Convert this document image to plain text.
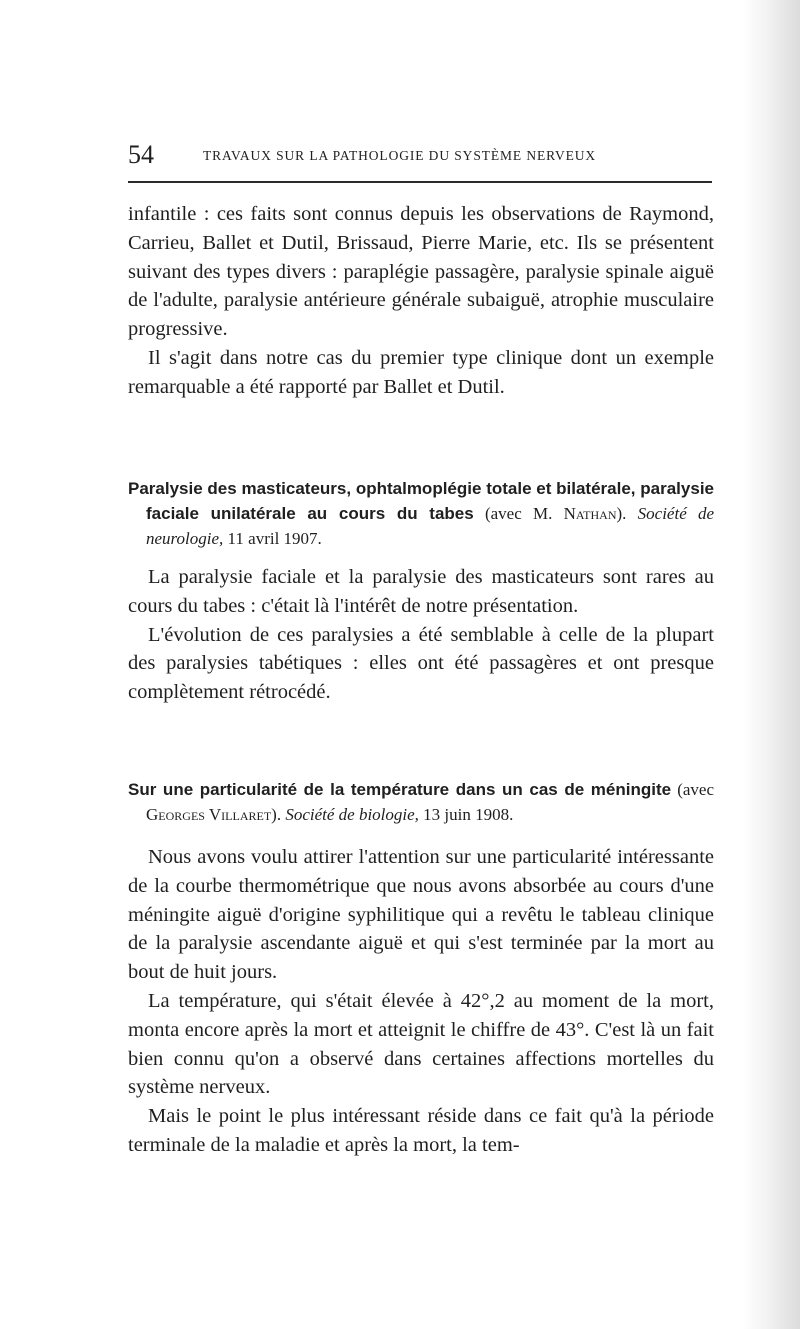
54	TRAVAUX SUR LA PATHOLOGIE DU SYSTÈME NERVEUX

infantile : ces faits sont connus depuis les observations de Raymond, Carrieu, Ballet et Dutil, Brissaud, Pierre Marie, etc. Ils se présentent suivant des types divers : paraplégie passagère, paralysie spinale aiguë de l'adulte, paralysie antérieure générale subaiguë, atrophie musculaire progressive.

Il s'agit dans notre cas du premier type clinique dont un exemple remarquable a été rapporté par Ballet et Dutil.

Paralysie des masticateurs, ophtalmoplégie totale et bilatérale, paralysie faciale unilatérale au cours du tabes (avec M. Nathan). Société de neurologie, 11 avril 1907.

La paralysie faciale et la paralysie des masticateurs sont rares au cours du tabes : c'était là l'intérêt de notre présentation.

L'évolution de ces paralysies a été semblable à celle de la plupart des paralysies tabétiques : elles ont été passagères et ont presque complètement rétrocédé.

Sur une particularité de la température dans un cas de méningite (avec Georges Villaret). Société de biologie, 13 juin 1908.

Nous avons voulu attirer l'attention sur une particularité intéressante de la courbe thermométrique que nous avons absorbée au cours d'une méningite aiguë d'origine syphilitique qui a revêtu le tableau clinique de la paralysie ascendante aiguë et qui s'est terminée par la mort au bout de huit jours.

La température, qui s'était élevée à 42°,2 au moment de la mort, monta encore après la mort et atteignit le chiffre de 43°. C'est là un fait bien connu qu'on a observé dans certaines affections mortelles du système nerveux.

Mais le point le plus intéressant réside dans ce fait qu'à la période terminale de la maladie et après la mort, la tem-
